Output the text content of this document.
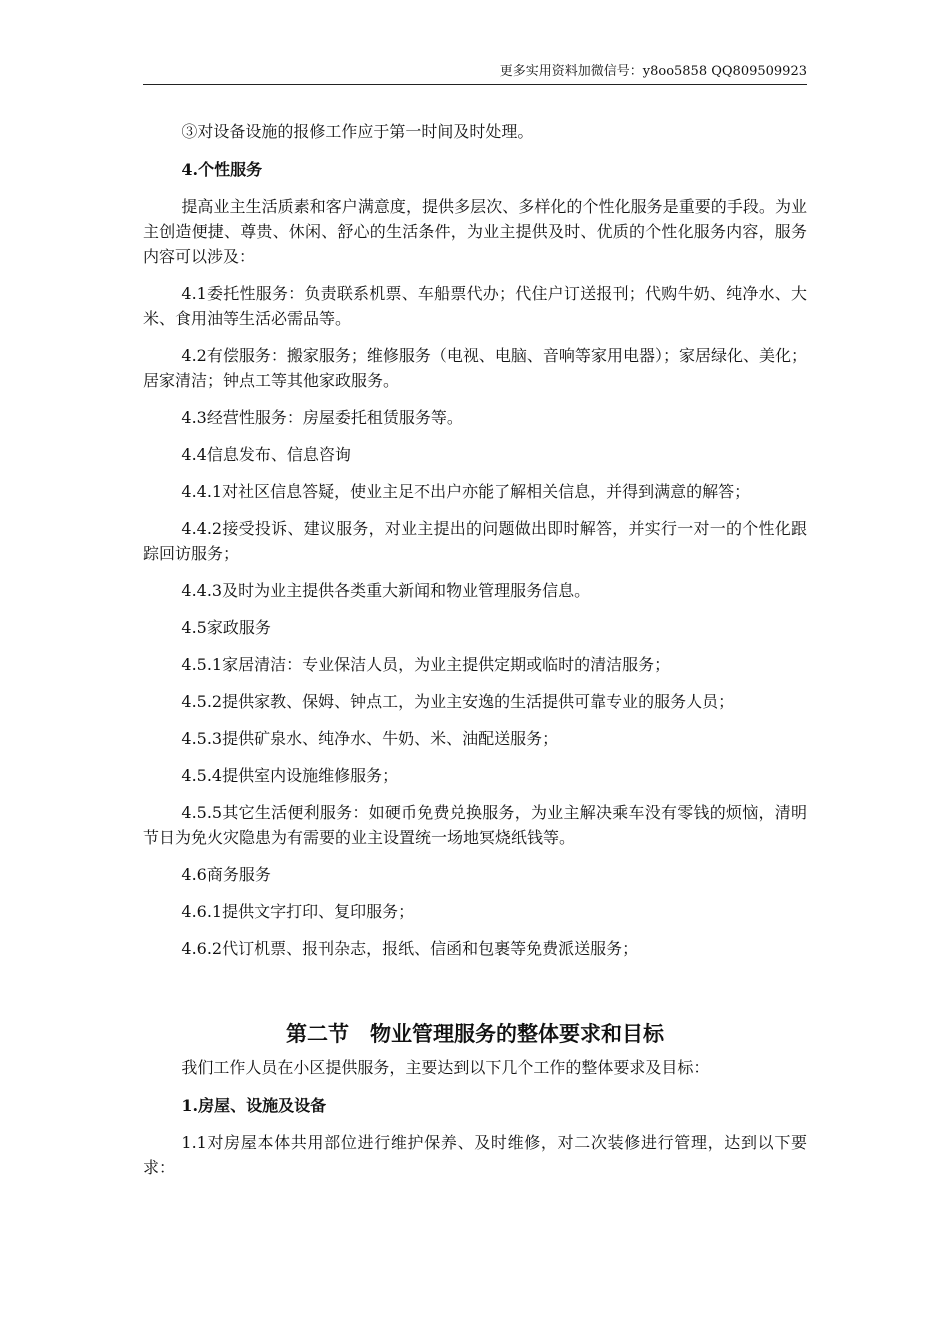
更多实用资料加微信号：y8oo5858 QQ809509923

③对设备设施的报修工作应于第一时间及时处理。

4.个性服务

提高业主生活质素和客户满意度，提供多层次、多样化的个性化服务是重要的手段。为业主创造便捷、尊贵、休闲、舒心的生活条件，为业主提供及时、优质的个性化服务内容，服务内容可以涉及：

4.1委托性服务：负责联系机票、车船票代办；代住户订送报刊；代购牛奶、纯净水、大米、食用油等生活必需品等。

4.2有偿服务：搬家服务；维修服务（电视、电脑、音响等家用电器）；家居绿化、美化；居家清洁；钟点工等其他家政服务。

4.3经营性服务：房屋委托租赁服务等。

4.4信息发布、信息咨询

4.4.1对社区信息答疑，使业主足不出户亦能了解相关信息，并得到满意的解答；

4.4.2接受投诉、建议服务，对业主提出的问题做出即时解答，并实行一对一的个性化跟踪回访服务；

4.4.3及时为业主提供各类重大新闻和物业管理服务信息。

4.5家政服务

4.5.1家居清洁：专业保洁人员，为业主提供定期或临时的清洁服务；

4.5.2提供家教、保姆、钟点工，为业主安逸的生活提供可靠专业的服务人员；

4.5.3提供矿泉水、纯净水、牛奶、米、油配送服务；

4.5.4提供室内设施维修服务；

4.5.5其它生活便利服务：如硬币免费兑换服务，为业主解决乘车没有零钱的烦恼，清明节日为免火灾隐患为有需要的业主设置统一场地冥烧纸钱等。

4.6商务服务

4.6.1提供文字打印、复印服务；

4.6.2代订机票、报刊杂志，报纸、信函和包裹等免费派送服务；

第二节　物业管理服务的整体要求和目标

我们工作人员在小区提供服务，主要达到以下几个工作的整体要求及目标：

1.房屋、设施及设备

1.1对房屋本体共用部位进行维护保养、及时维修，对二次装修进行管理，达到以下要求：
